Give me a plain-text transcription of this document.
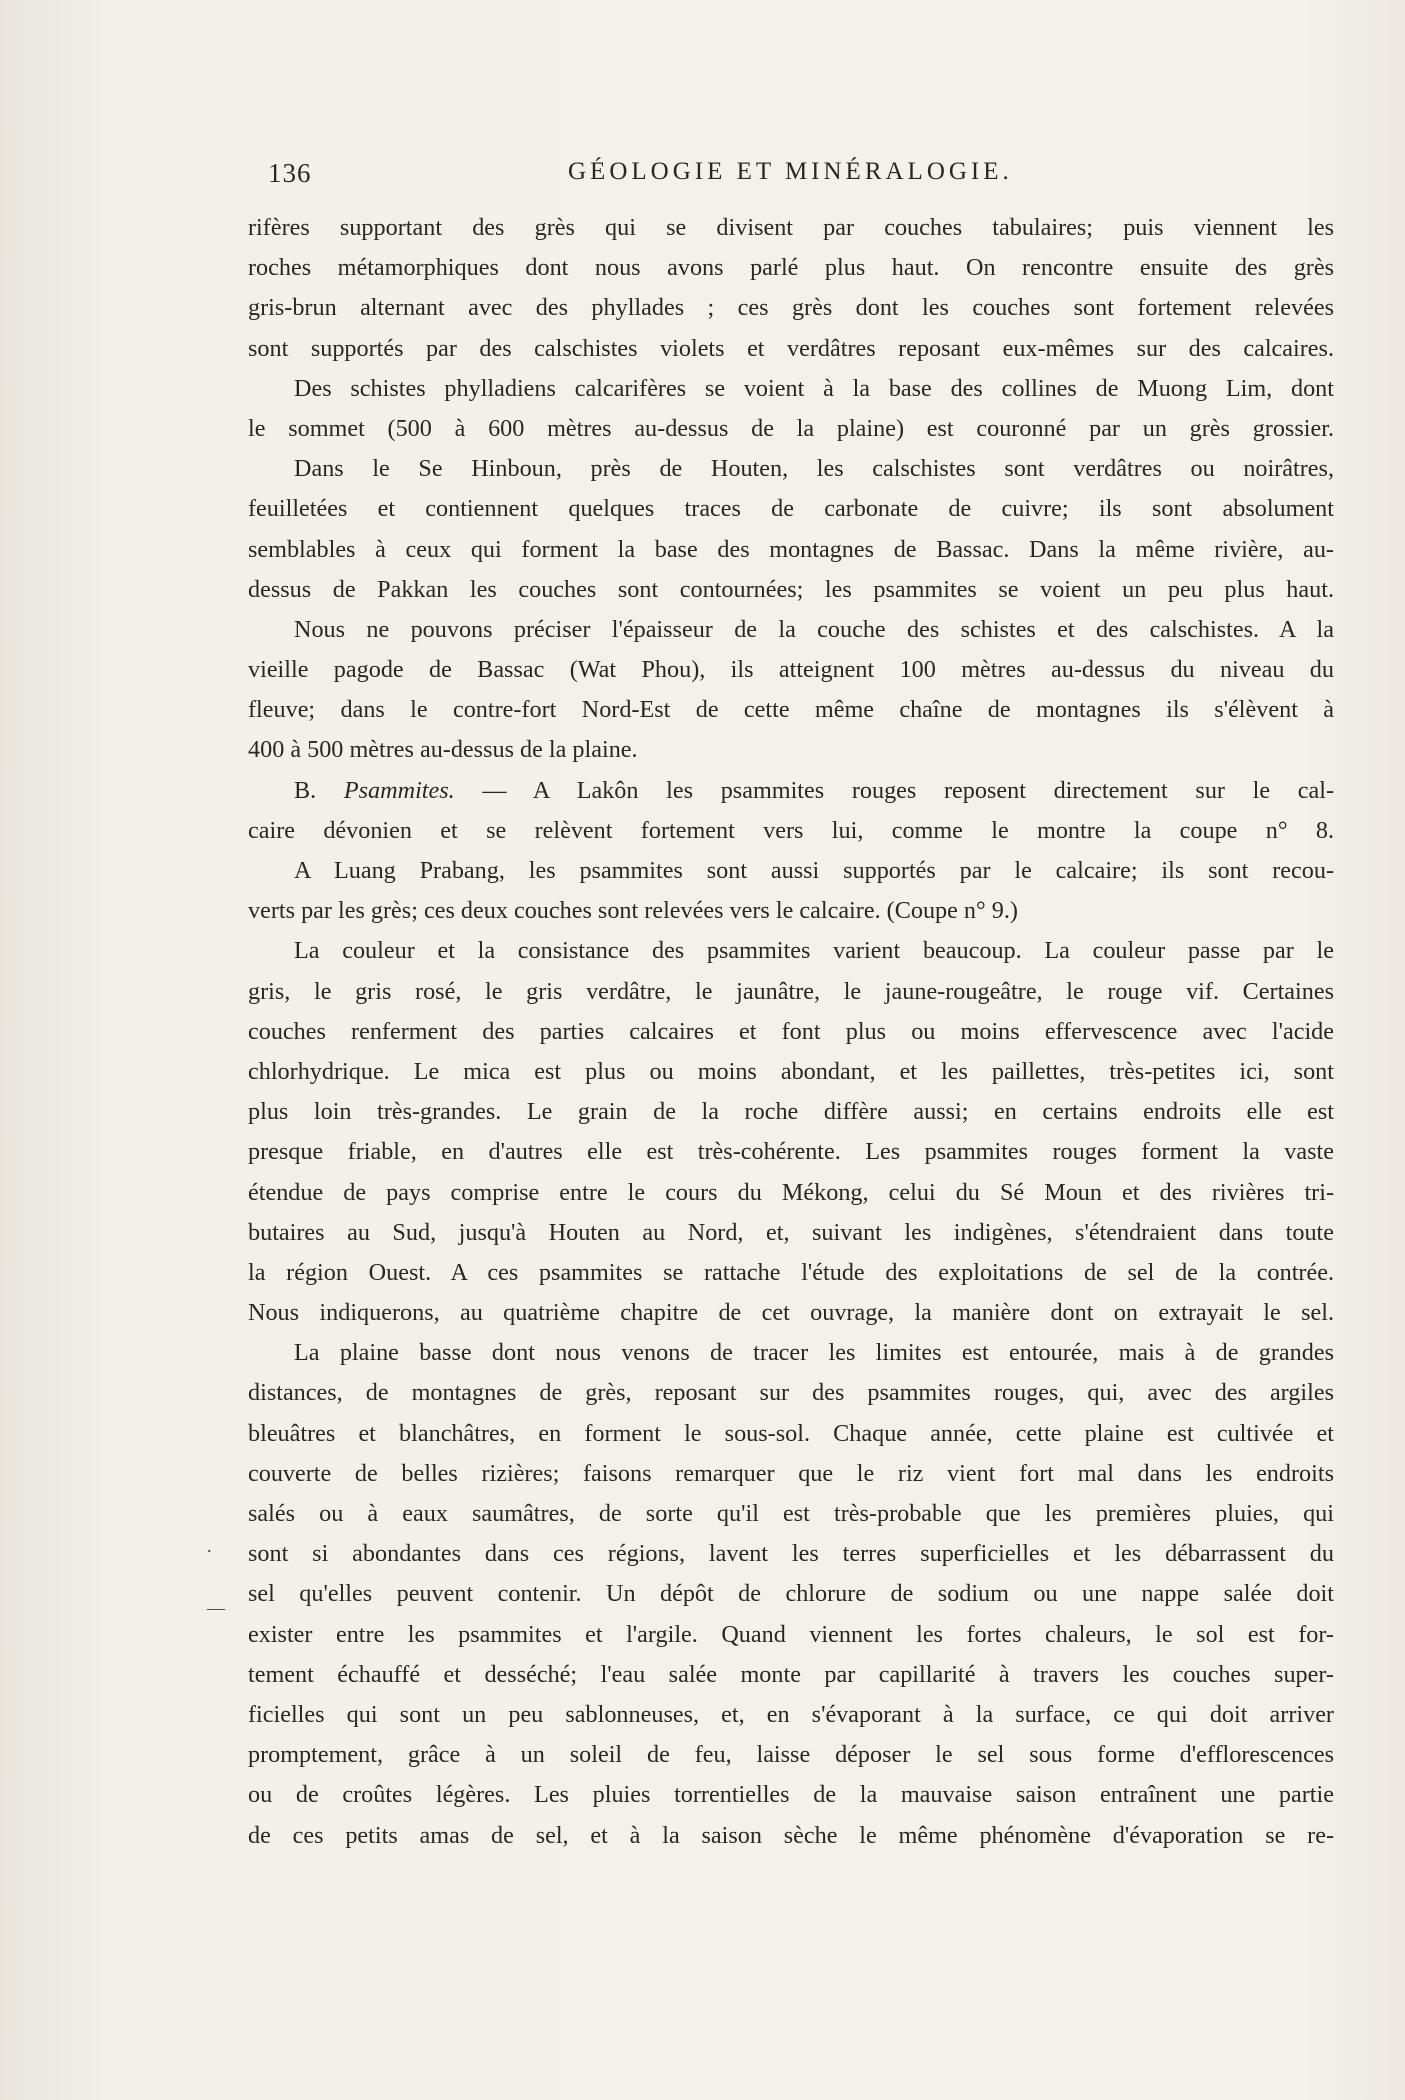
136	GÉOLOGIE ET MINÉRALOGIE.
rifères supportant des grès qui se divisent par couches tabulaires; puis viennent les
roches métamorphiques dont nous avons parlé plus haut. On rencontre ensuite des grès
gris-brun alternant avec des phyllades ; ces grès dont les couches sont fortement relevées
sont supportés par des calschistes violets et verdâtres reposant eux-mêmes sur des calcaires.
Des schistes phylladiens calcarifères se voient à la base des collines de Muong Lim, dont
le sommet (500 à 600 mètres au-dessus de la plaine) est couronné par un grès grossier.
Dans le Se Hinboun, près de Houten, les calschistes sont verdâtres ou noirâtres,
feuilletées et contiennent quelques traces de carbonate de cuivre; ils sont absolument
semblables à ceux qui forment la base des montagnes de Bassac. Dans la même rivière, au-
dessus de Pakkan les couches sont contournées; les psammites se voient un peu plus haut.
Nous ne pouvons préciser l'épaisseur de la couche des schistes et des calschistes. A la
vieille pagode de Bassac (Wat Phou), ils atteignent 100 mètres au-dessus du niveau du
fleuve; dans le contre-fort Nord-Est de cette même chaîne de montagnes ils s'élèvent à
400 à 500 mètres au-dessus de la plaine.
B. Psammites. — A Lakôn les psammites rouges reposent directement sur le cal-
caire dévonien et se relèvent fortement vers lui, comme le montre la coupe n° 8.
A Luang Prabang, les psammites sont aussi supportés par le calcaire; ils sont recou-
verts par les grès; ces deux couches sont relevées vers le calcaire. (Coupe n° 9.)
La couleur et la consistance des psammites varient beaucoup. La couleur passe par le
gris, le gris rosé, le gris verdâtre, le jaunâtre, le jaune-rougeâtre, le rouge vif. Certaines
couches renferment des parties calcaires et font plus ou moins effervescence avec l'acide
chlorhydrique. Le mica est plus ou moins abondant, et les paillettes, très-petites ici, sont
plus loin très-grandes. Le grain de la roche diffère aussi; en certains endroits elle est
presque friable, en d'autres elle est très-cohérente. Les psammites rouges forment la vaste
étendue de pays comprise entre le cours du Mékong, celui du Sé Moun et des rivières tri-
butaires au Sud, jusqu'à Houten au Nord, et, suivant les indigènes, s'étendraient dans toute
la région Ouest. A ces psammites se rattache l'étude des exploitations de sel de la contrée.
Nous indiquerons, au quatrième chapitre de cet ouvrage, la manière dont on extrayait le sel.
La plaine basse dont nous venons de tracer les limites est entourée, mais à de grandes
distances, de montagnes de grès, reposant sur des psammites rouges, qui, avec des argiles
bleuâtres et blanchâtres, en forment le sous-sol. Chaque année, cette plaine est cultivée et
couverte de belles rizières; faisons remarquer que le riz vient fort mal dans les endroits
salés ou à eaux saumâtres, de sorte qu'il est très-probable que les premières pluies, qui
sont si abondantes dans ces régions, lavent les terres superficielles et les débarrassent du
sel qu'elles peuvent contenir. Un dépôt de chlorure de sodium ou une nappe salée doit
exister entre les psammites et l'argile. Quand viennent les fortes chaleurs, le sol est for-
tement échauffé et desséché; l'eau salée monte par capillarité à travers les couches super-
ficielles qui sont un peu sablonneuses, et, en s'évaporant à la surface, ce qui doit arriver
promptement, grâce à un soleil de feu, laisse déposer le sel sous forme d'efflorescences
ou de croûtes légères. Les pluies torrentielles de la mauvaise saison entraînent une partie
de ces petits amas de sel, et à la saison sèche le même phénomène d'évaporation se re-
.
—
